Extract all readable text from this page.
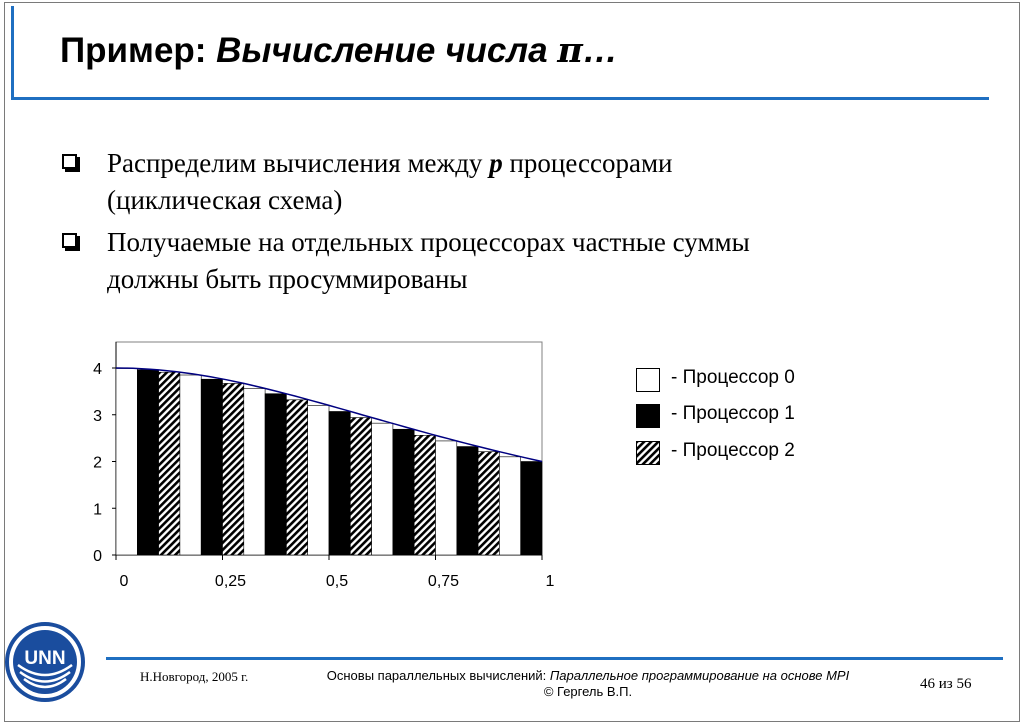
Пример: Вычисление числа π…
Распределим вычисления между p процессорами
(циклическая схема)
Получаемые на отдельных процессорах частные суммы
должны быть просуммированы
0
1
2
3
4
0	0,25	0,5	0,75	1
- Процессор 0
- Процессор 1
- Процессор 2
UNN
Н.Новгород, 2005 г.	Основы параллельных вычислений: Параллельное программирование на основе MPI
© Гергель В.П.	46 из 56
